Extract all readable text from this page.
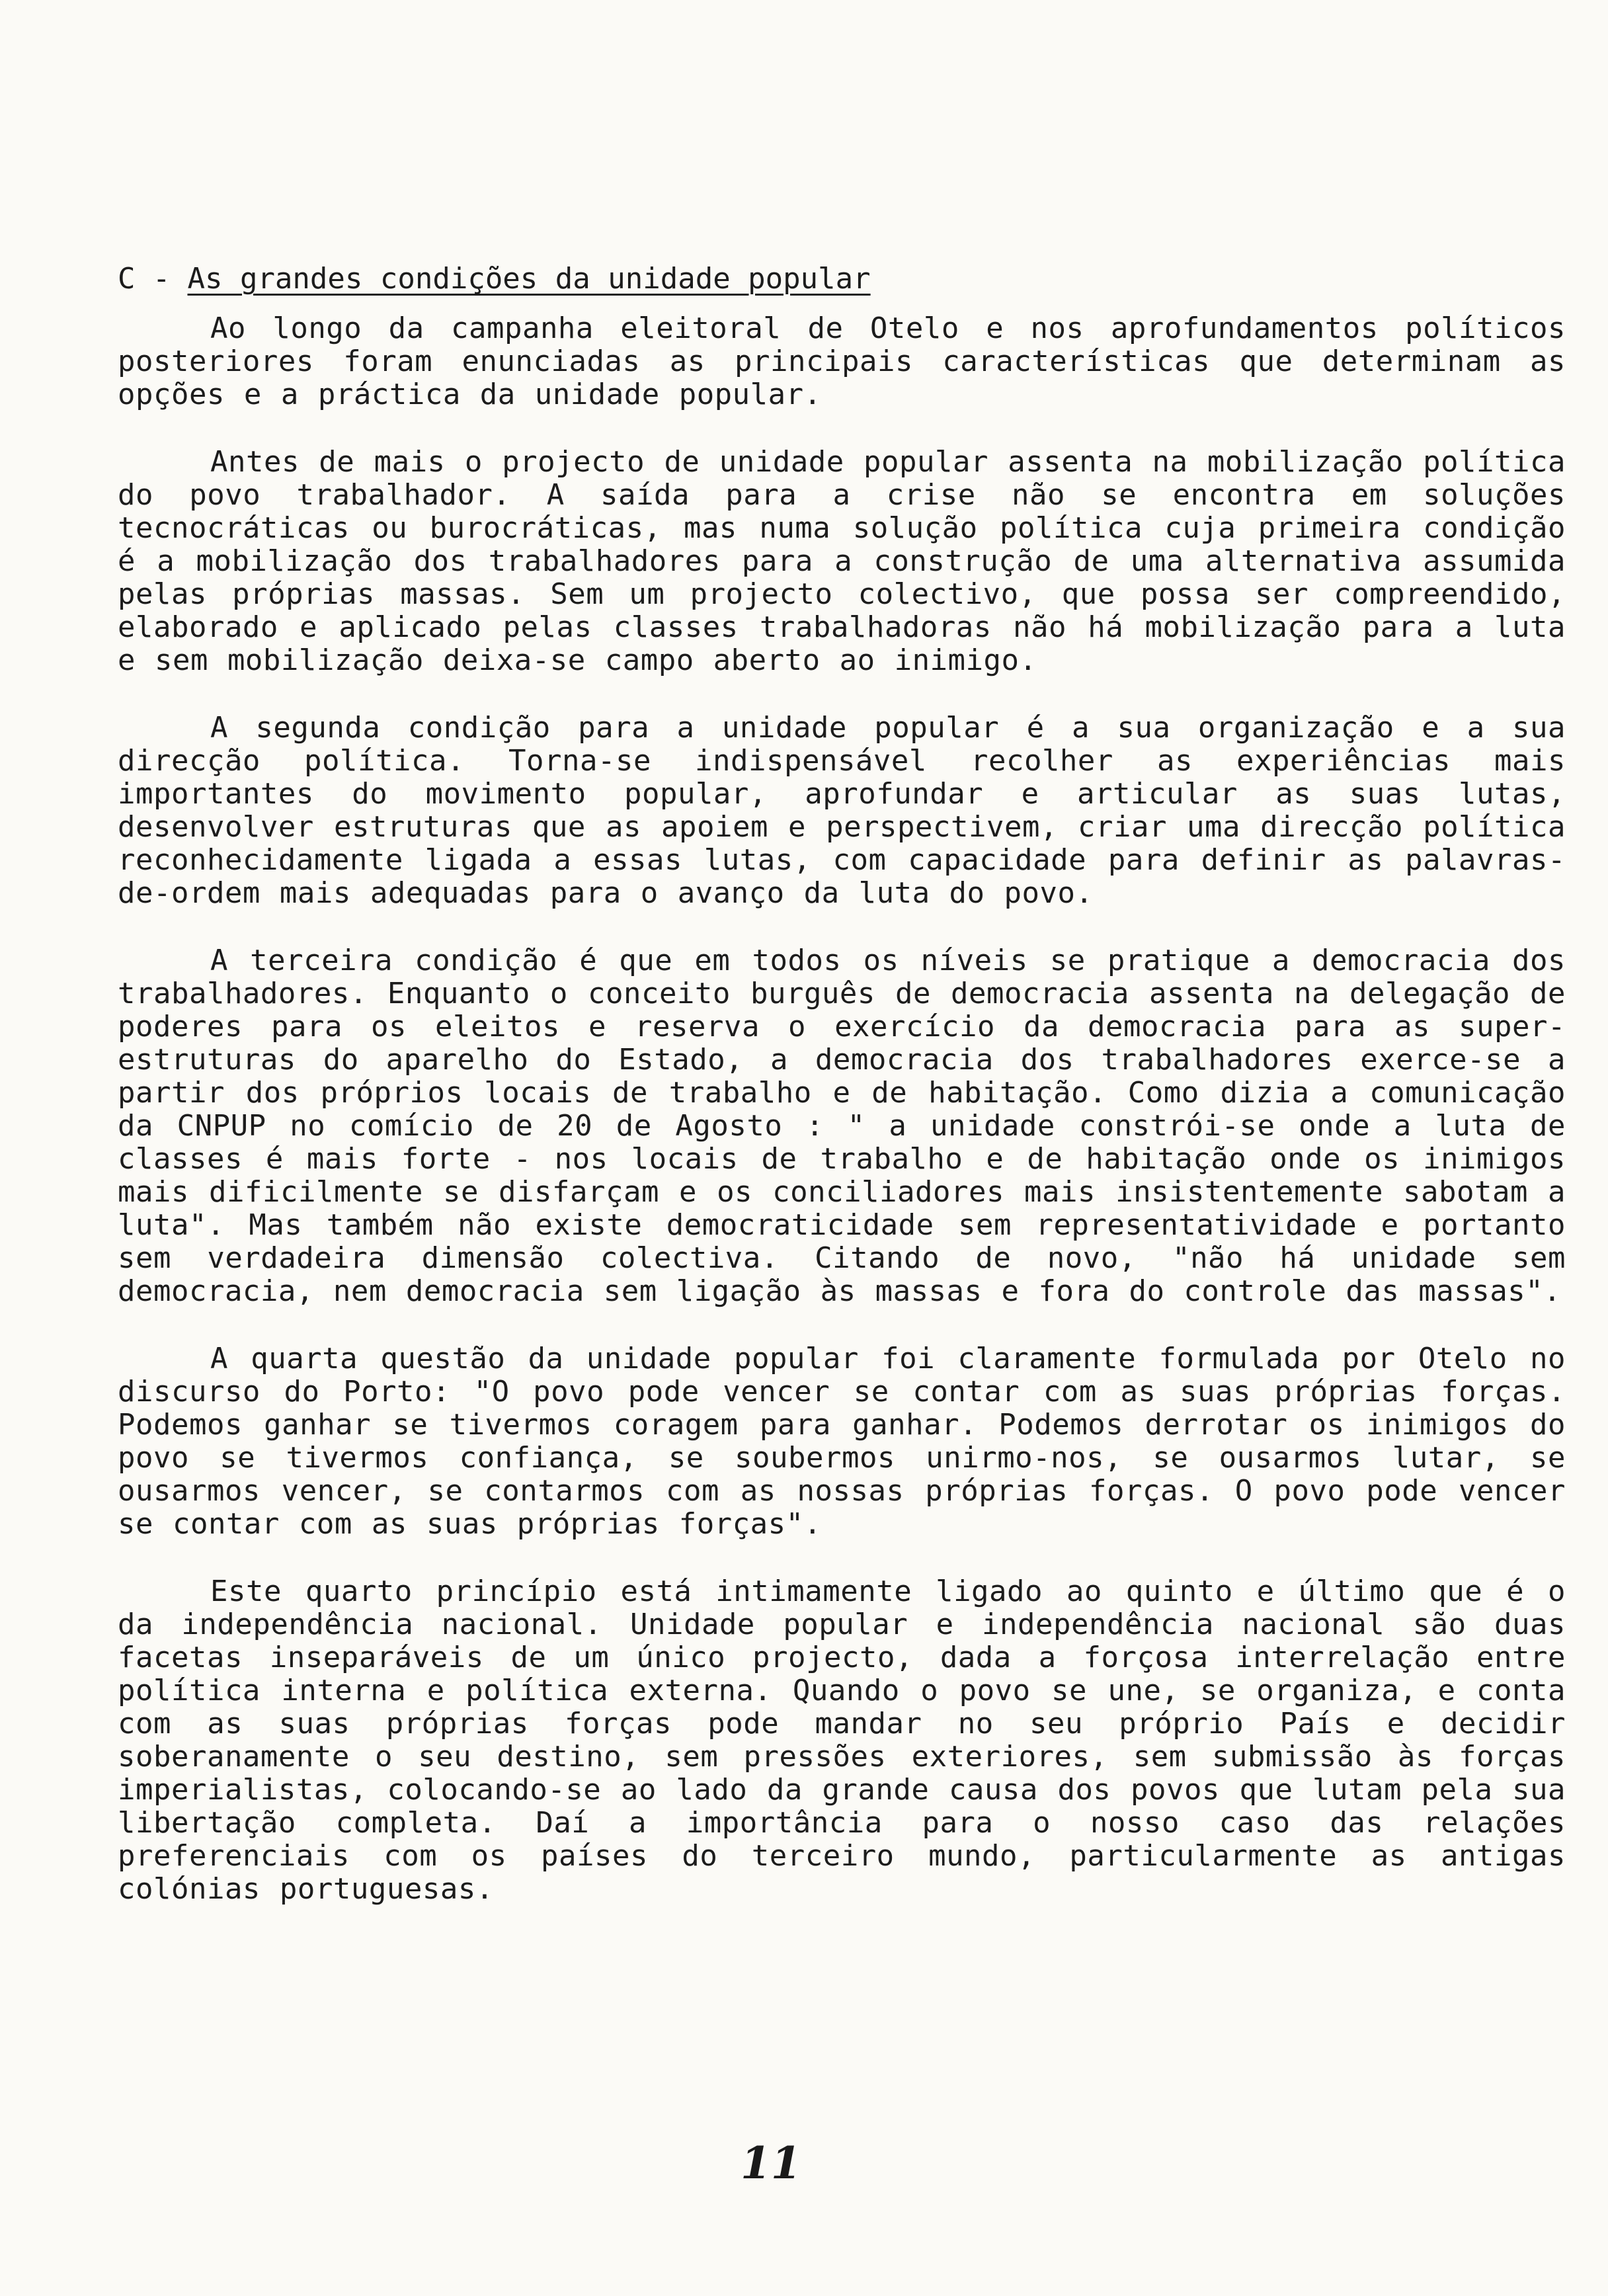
C - As grandes condições da unidade popular

Ao longo da campanha eleitoral de Otelo e nos aprofundamentos políticos posteriores foram enunciadas as principais características que determinam as opções e a práctica da unidade popular.

Antes de mais o projecto de unidade popular assenta na mobilização política do povo trabalhador. A saída para a crise não se encontra em soluções tecnocráticas ou burocráticas, mas numa solução política cuja primeira condição é a mobilização dos trabalhadores para a construção de uma alternativa assumida pelas próprias massas. Sem um projecto colectivo, que possa ser compreendido, elaborado e aplicado pelas classes trabalhadoras não há mobilização para a luta e sem mobilização deixa-se campo aberto ao inimigo.

A segunda condição para a unidade popular é a sua organização e a sua direcção política. Torna-se indispensável recolher as experiências mais importantes do movimento popular, aprofundar e articular as suas lutas, desenvolver estruturas que as apoiem e perspectivem, criar uma direcção política reconhecidamente ligada a essas lutas, com capacidade para definir as palavras-de-ordem mais adequadas para o avanço da luta do povo.

A terceira condição é que em todos os níveis se pratique a democracia dos trabalhadores. Enquanto o conceito burguês de democracia assenta na delegação de poderes para os eleitos e reserva o exercício da democracia para as super-estruturas do aparelho do Estado, a democracia dos trabalhadores exerce-se a partir dos próprios locais de trabalho e de habitação. Como dizia a comunicação da CNPUP no comício de 20 de Agosto : " a unidade constrói-se onde a luta de classes é mais forte - nos locais de trabalho e de habitação onde os inimigos mais dificilmente se disfarçam e os conciliadores mais insistentemente sabotam a luta". Mas também não existe democraticidade sem representatividade e portanto sem verdadeira dimensão colectiva. Citando de novo, "não há unidade sem democracia, nem democracia sem ligação às massas e fora do controle das massas".

A quarta questão da unidade popular foi claramente formulada por Otelo no discurso do Porto: "O povo pode vencer se contar com as suas próprias forças. Podemos ganhar se tivermos coragem para ganhar. Podemos derrotar os inimigos do povo se tivermos confiança, se soubermos unirmo-nos, se ousarmos lutar, se ousarmos vencer, se contarmos com as nossas próprias forças. O povo pode vencer se contar com as suas próprias forças".

Este quarto princípio está intimamente ligado ao quinto e último que é o da independência nacional. Unidade popular e independência nacional são duas facetas inseparáveis de um único projecto, dada a forçosa interrelação entre política interna e política externa. Quando o povo se une, se organiza, e conta com as suas próprias forças pode mandar no seu próprio País e decidir soberanamente o seu destino, sem pressões exteriores, sem submissão às forças imperialistas, colocando-se ao lado da grande causa dos povos que lutam pela sua libertação completa. Daí a importância para o nosso caso das relações preferenciais com os países do terceiro mundo, particularmente as antigas colónias portuguesas.

11
